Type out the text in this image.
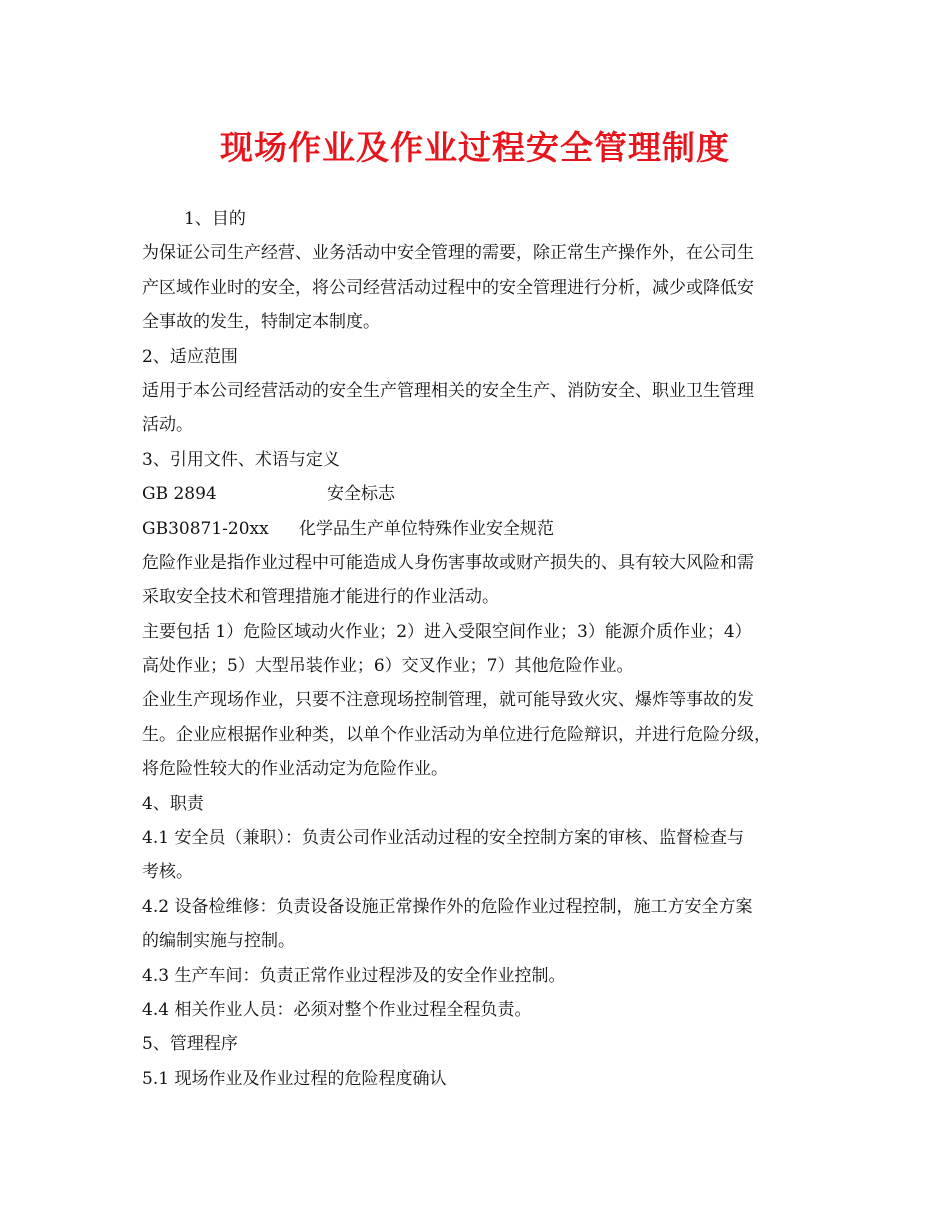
现场作业及作业过程安全管理制度
1、目的
为保证公司生产经营、业务活动中安全管理的需要，除正常生产操作外，在公司生
产区域作业时的安全，将公司经营活动过程中的安全管理进行分析，减少或降低安
全事故的发生，特制定本制度。
2、适应范围
适用于本公司经营活动的安全生产管理相关的安全生产、消防安全、职业卫生管理
活动。
3、引用文件、术语与定义
GB 2894	安全标志
GB30871-20xx 化学品生产单位特殊作业安全规范
危险作业是指作业过程中可能造成人身伤害事故或财产损失的、具有较大风险和需
采取安全技术和管理措施才能进行的作业活动。
主要包括 1）危险区域动火作业；2）进入受限空间作业；3）能源介质作业；4）
高处作业；5）大型吊装作业；6）交叉作业；7）其他危险作业。
企业生产现场作业，只要不注意现场控制管理，就可能导致火灾、爆炸等事故的发
生。企业应根据作业种类，以单个作业活动为单位进行危险辩识，并进行危险分级，
将危险性较大的作业活动定为危险作业。
4、职责
4.1 安全员（兼职）：负责公司作业活动过程的安全控制方案的审核、监督检查与
考核。
4.2 设备检维修：负责设备设施正常操作外的危险作业过程控制，施工方安全方案
的编制实施与控制。
4.3 生产车间：负责正常作业过程涉及的安全作业控制。
4.4 相关作业人员：必须对整个作业过程全程负责。
5、管理程序
5.1 现场作业及作业过程的危险程度确认
